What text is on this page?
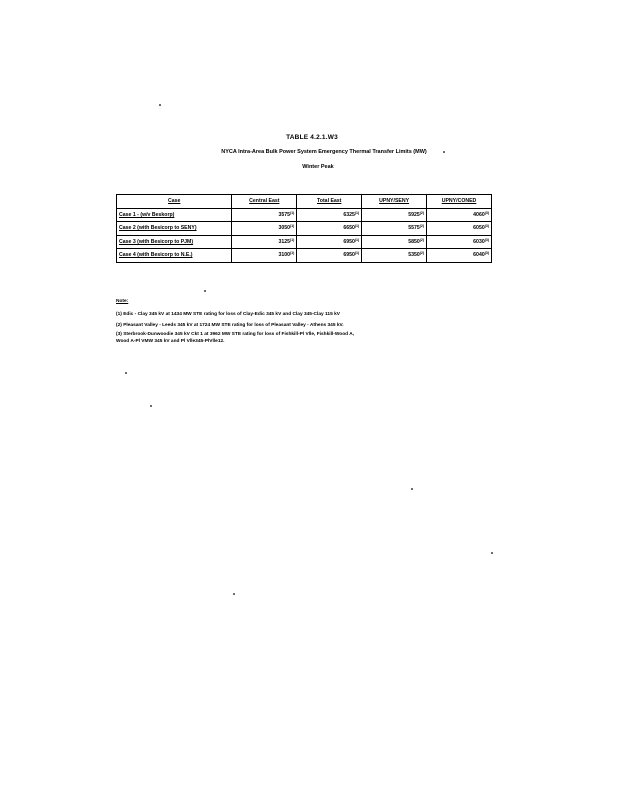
TABLE 4.2.1.W3
NYCA Intra-Area Bulk Power System Emergency Thermal Transfer Limits (MW)
Winter Peak
Case	Central East	Total East	UPNY/SENY	UPNY/CONED
Case 1 - (w/v Beskorp)	3575$^{(1)}$	6325$^{(1)}$	5925$^{(2)}$	4060$^{(3)}$
Case 2 (with Besicorp to SENY)	3050$^{(1)}$	6650$^{(1)}$	5575$^{(2)}$	6050$^{(3)}$
Case 3 (with Besicorp to PJM)	3125$^{(1)}$	6950$^{(1)}$	5850$^{(2)}$	6030$^{(3)}$
Case 4 (with Besicorp to N.E.)	3100$^{(1)}$	6950$^{(1)}$	5350$^{(2)}$	6040$^{(3)}$
Note:
(1) Edic - Clay 345 kV at 1434 MW STE rating for loss of Clay-Edic 345 kV and Clay 345-Clay 115 kV
(2) Pleasant Valley - Leeds 345 kV at 1724 MW STE rating for loss of Pleasant Valley - Athens 345 kV.
(3) Sterbrook-Dunwoodie 345 kV Ckt 1 at 3962 MW STE rating for loss of Fishkill-Pl Vlle, Fishkill-Wood A,
Wood A-Pl VMW 345 kV and Pl Vlle345-PlVlle12.
